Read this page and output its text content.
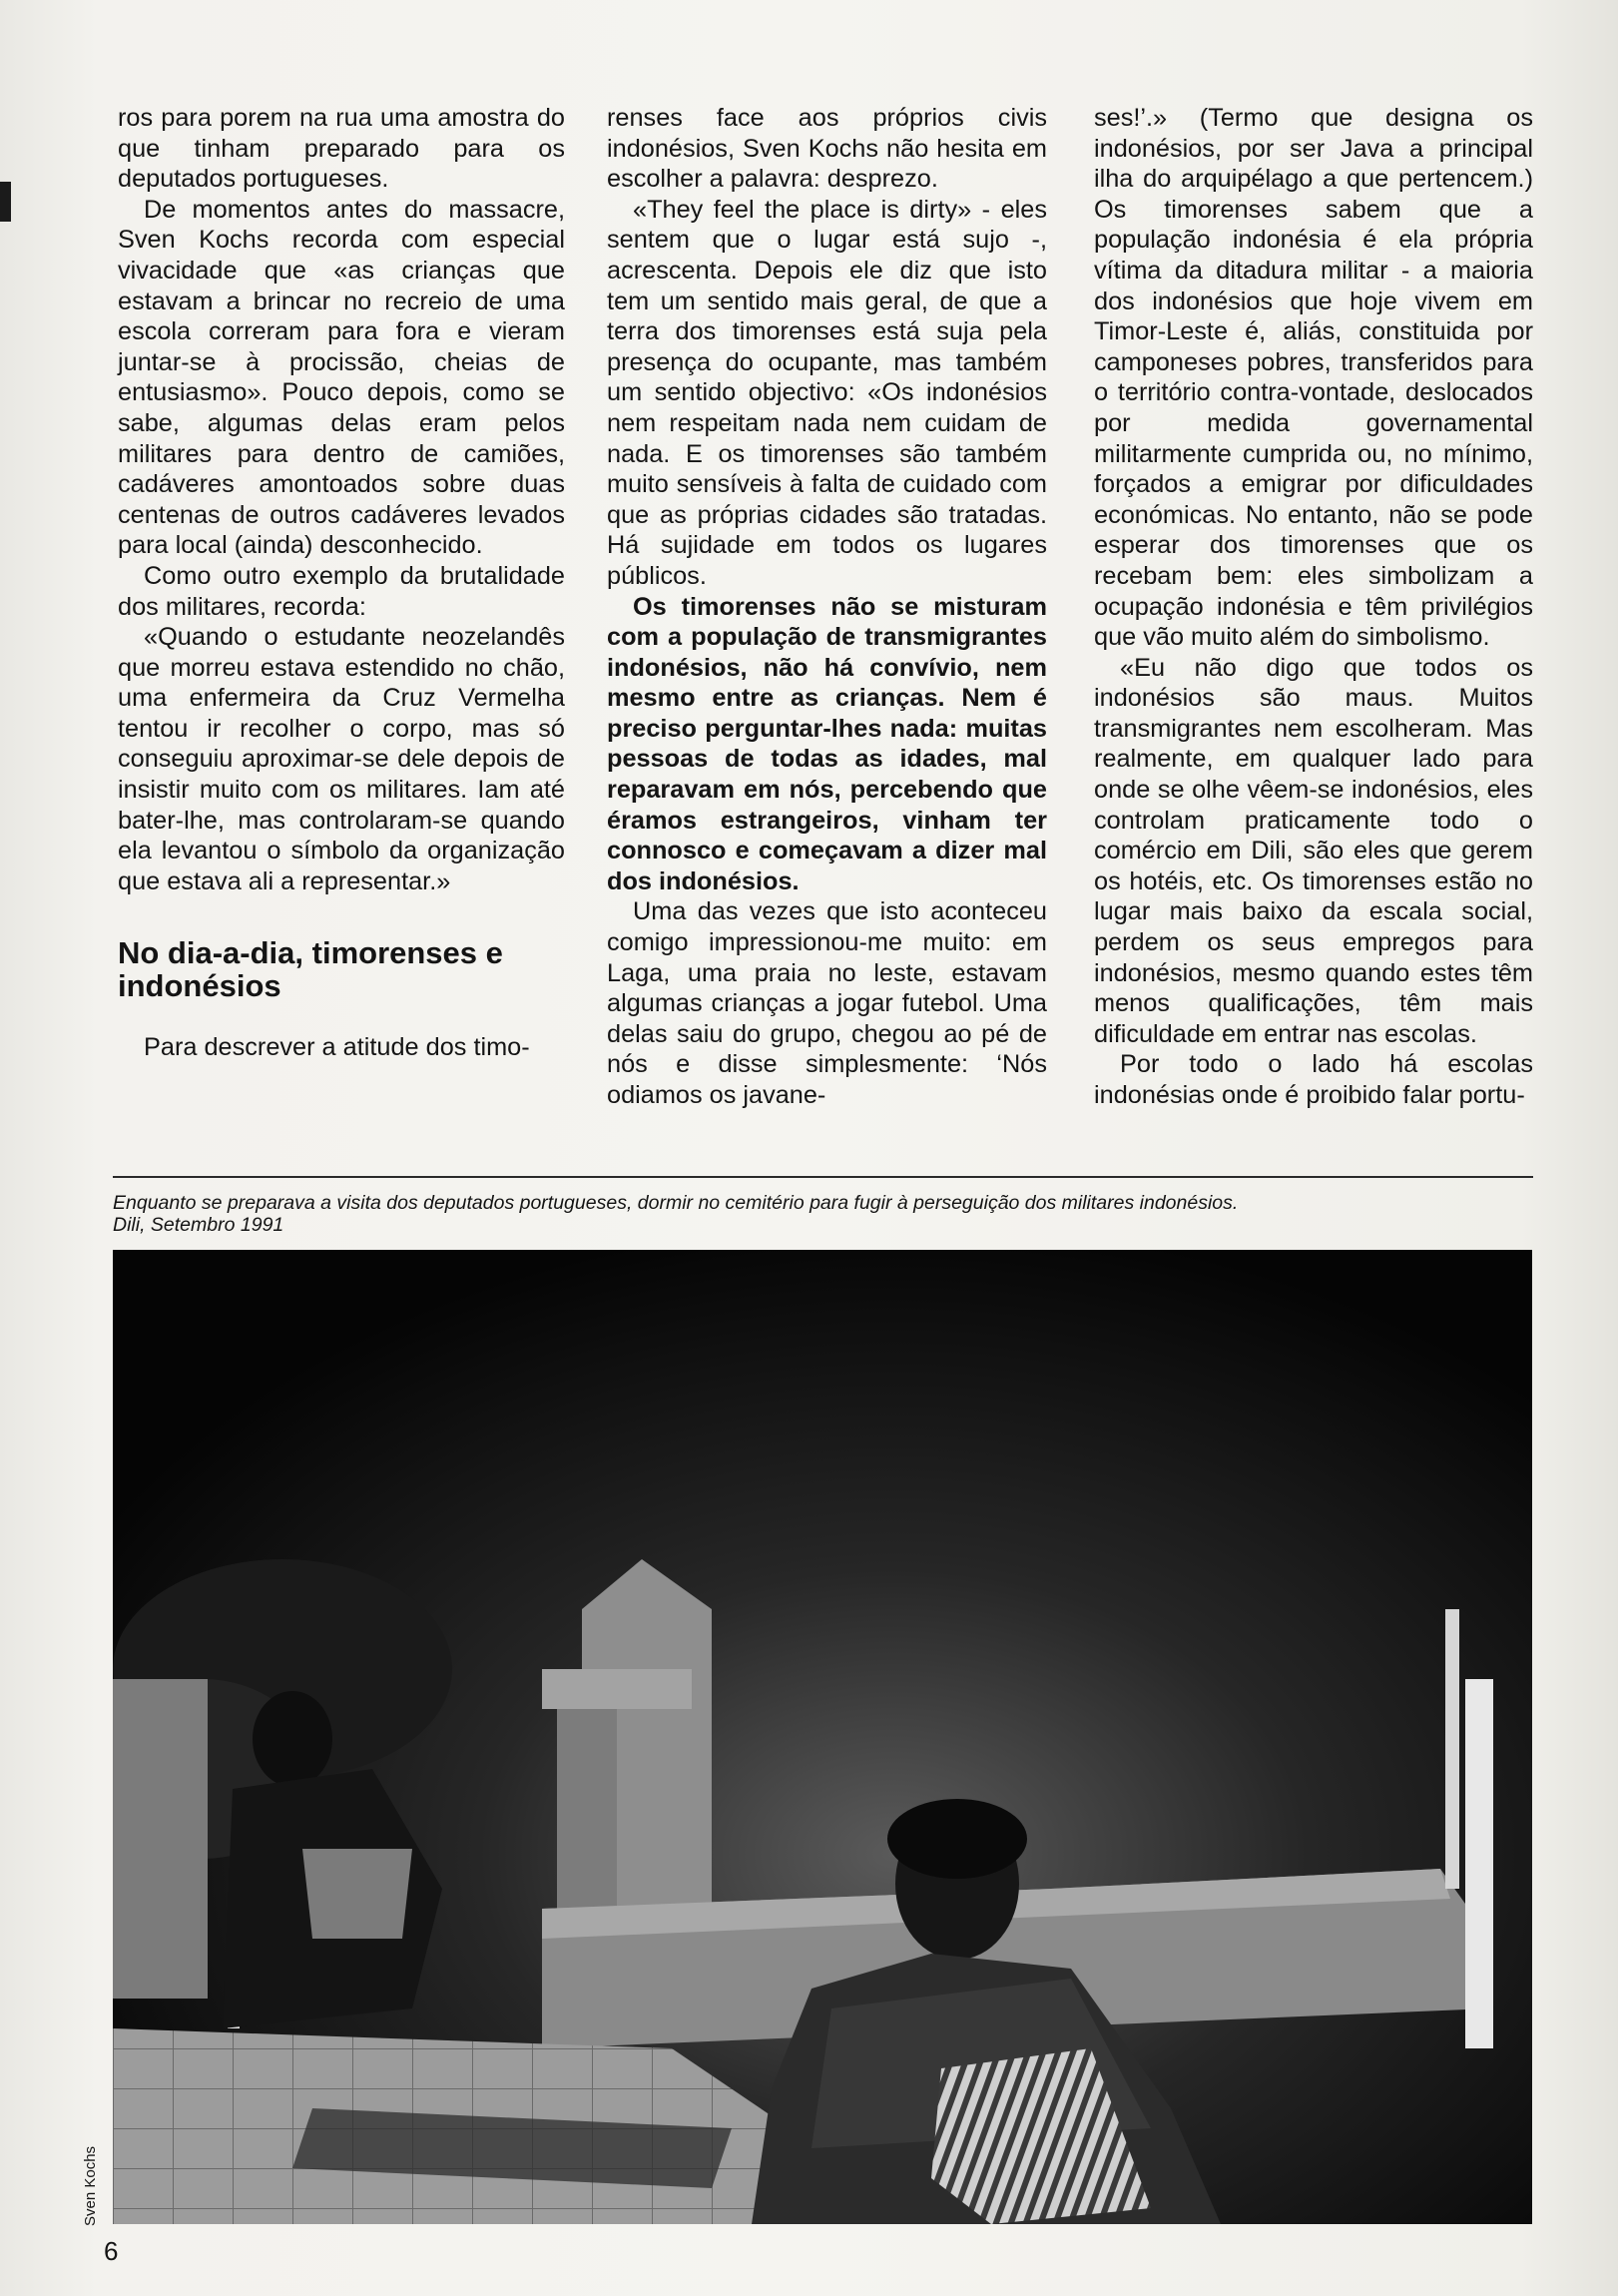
ros para porem na rua uma amostra do que tinham preparado para os deputados portugueses.

De momentos antes do massacre, Sven Kochs recorda com especial vivacidade que «as crianças que estavam a brincar no recreio de uma escola correram para fora e vieram juntar-se à procissão, cheias de entusiasmo». Pouco depois, como se sabe, algumas delas eram pelos militares para dentro de camiões, cadáveres amontoados sobre duas centenas de outros cadáveres levados para local (ainda) desconhecido.

Como outro exemplo da brutalidade dos militares, recorda:

«Quando o estudante neozelandês que morreu estava estendido no chão, uma enfermeira da Cruz Vermelha tentou ir recolher o corpo, mas só conseguiu aproximar-se dele depois de insistir muito com os militares. Iam até bater-lhe, mas controlaram-se quando ela levantou o símbolo da organização que estava ali a representar.»

No dia-a-dia, timorenses e indonésios

Para descrever a atitude dos timo-

renses face aos próprios civis indonésios, Sven Kochs não hesita em escolher a palavra: desprezo.

«They feel the place is dirty» - eles sentem que o lugar está sujo -, acrescenta. Depois ele diz que isto tem um sentido mais geral, de que a terra dos timorenses está suja pela presença do ocupante, mas também um sentido objectivo: «Os indonésios nem respeitam nada nem cuidam de nada. E os timorenses são também muito sensíveis à falta de cuidado com que as próprias cidades são tratadas. Há sujidade em todos os lugares públicos.

Os timorenses não se misturam com a população de transmigrantes indonésios, não há convívio, nem mesmo entre as crianças. Nem é preciso perguntar-lhes nada: muitas pessoas de todas as idades, mal reparavam em nós, percebendo que éramos estrangeiros, vinham ter connosco e começavam a dizer mal dos indonésios.

Uma das vezes que isto aconteceu comigo impressionou-me muito: em Laga, uma praia no leste, estavam algumas crianças a jogar futebol. Uma delas saiu do grupo, chegou ao pé de nós e disse simplesmente: ‘Nós odiamos os javane-

ses!’.» (Termo que designa os indonésios, por ser Java a principal ilha do arquipélago a que pertencem.) Os timorenses sabem que a população indonésia é ela própria vítima da ditadura militar - a maioria dos indonésios que hoje vivem em Timor-Leste é, aliás, constituida por camponeses pobres, transferidos para o território contra-vontade, deslocados por medida governamental militarmente cumprida ou, no mínimo, forçados a emigrar por dificuldades económicas. No entanto, não se pode esperar dos timorenses que os recebam bem: eles simbolizam a ocupação indonésia e têm privilégios que vão muito além do simbolismo.

«Eu não digo que todos os indonésios são maus. Muitos transmigrantes nem escolheram. Mas realmente, em qualquer lado para onde se olhe vêem-se indonésios, eles controlam praticamente todo o comércio em Dili, são eles que gerem os hotéis, etc. Os timorenses estão no lugar mais baixo da escala social, perdem os seus empregos para indonésios, mesmo quando estes têm menos qualificações, têm mais dificuldade em entrar nas escolas.

Por todo o lado há escolas indonésias onde é proibido falar portu-

Enquanto se preparava a visita dos deputados portugueses, dormir no cemitério para fugir à perseguição dos militares indonésios.
Dili, Setembro 1991
Sven Kochs
6
